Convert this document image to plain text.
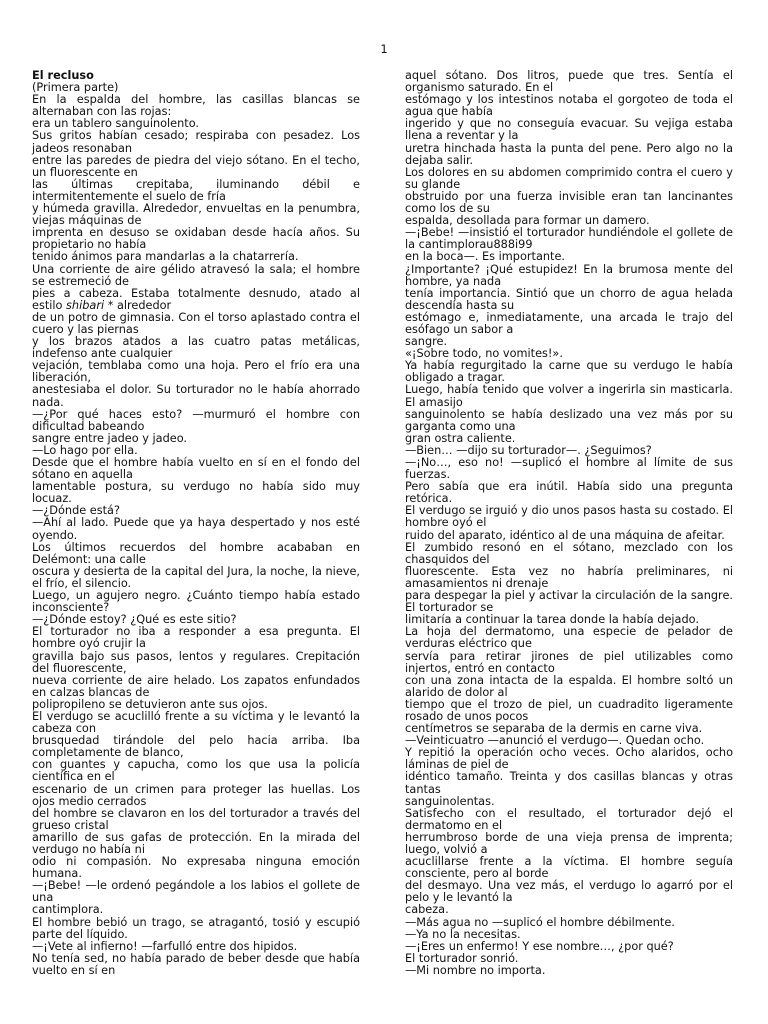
1
El recluso
(Primera parte)
En la espalda del hombre, las casillas blancas se alternaban con las rojas:
era un tablero sanguinolento.
Sus gritos habían cesado; respiraba con pesadez. Los jadeos resonaban
entre las paredes de piedra del viejo sótano. En el techo, un fluorescente en
las últimas crepitaba, iluminando débil e intermitentemente el suelo de fría
y húmeda gravilla. Alrededor, envueltas en la penumbra, viejas máquinas de
imprenta en desuso se oxidaban desde hacía años. Su propietario no había
tenido ánimos para mandarlas a la chatarrería.
Una corriente de aire gélido atravesó la sala; el hombre se estremeció de
pies a cabeza. Estaba totalmente desnudo, atado al estilo shibari * alrededor
de un potro de gimnasia. Con el torso aplastado contra el cuero y las piernas
y los brazos atados a las cuatro patas metálicas, indefenso ante cualquier
vejación, temblaba como una hoja. Pero el frío era una liberación,
anestesiaba el dolor. Su torturador no le había ahorrado nada.
—¿Por qué haces esto? —murmuró el hombre con dificultad babeando
sangre entre jadeo y jadeo.
—Lo hago por ella.
Desde que el hombre había vuelto en sí en el fondo del sótano en aquella
lamentable postura, su verdugo no había sido muy locuaz.
—¿Dónde está?
—Ahí al lado. Puede que ya haya despertado y nos esté oyendo.
Los últimos recuerdos del hombre acababan en Delémont: una calle
oscura y desierta de la capital del Jura, la noche, la nieve, el frío, el silencio.
Luego, un agujero negro. ¿Cuánto tiempo había estado inconsciente?
—¿Dónde estoy? ¿Qué es este sitio?
El torturador no iba a responder a esa pregunta. El hombre oyó crujir la
gravilla bajo sus pasos, lentos y regulares. Crepitación del fluorescente,
nueva corriente de aire helado. Los zapatos enfundados en calzas blancas de
polipropileno se detuvieron ante sus ojos.
El verdugo se acuclilló frente a su víctima y le levantó la cabeza con
brusquedad tirándole del pelo hacia arriba. Iba completamente de blanco,
con guantes y capucha, como los que usa la policía científica en el
escenario de un crimen para proteger las huellas. Los ojos medio cerrados
del hombre se clavaron en los del torturador a través del grueso cristal
amarillo de sus gafas de protección. En la mirada del verdugo no había ni
odio ni compasión. No expresaba ninguna emoción humana.
—¡Bebe! —le ordenó pegándole a los labios el gollete de una
cantimplora.
El hombre bebió un trago, se atragantó, tosió y escupió parte del líquido.
—¡Vete al infierno! —farfulló entre dos hipidos.
No tenía sed, no había parado de beber desde que había vuelto en sí en
aquel sótano. Dos litros, puede que tres. Sentía el organismo saturado. En el
estómago y los intestinos notaba el gorgoteo de toda el agua que había
ingerido y que no conseguía evacuar. Su vejiga estaba llena a reventar y la
uretra hinchada hasta la punta del pene. Pero algo no la dejaba salir.
Los dolores en su abdomen comprimido contra el cuero y su glande
obstruido por una fuerza invisible eran tan lancinantes como los de su
espalda, desollada para formar un damero.
—¡Bebe! —insistió el torturador hundiéndole el gollete de la cantimplorau888i99
en la boca—. Es importante.
¿Importante? ¡Qué estupidez! En la brumosa mente del hombre, ya nada
tenía importancia. Sintió que un chorro de agua helada descendía hasta su
estómago e, inmediatamente, una arcada le trajo del esófago un sabor a
sangre.
«¡Sobre todo, no vomites!».
Ya había regurgitado la carne que su verdugo le había obligado a tragar.
Luego, había tenido que volver a ingerirla sin masticarla. El amasijo
sanguinolento se había deslizado una vez más por su garganta como una
gran ostra caliente.
—Bien… —dijo su torturador—. ¿Seguimos?
—¡No…, eso no! —suplicó el hombre al límite de sus fuerzas.
Pero sabía que era inútil. Había sido una pregunta retórica.
El verdugo se irguió y dio unos pasos hasta su costado. El hombre oyó el
ruido del aparato, idéntico al de una máquina de afeitar.
El zumbido resonó en el sótano, mezclado con los chasquidos del
fluorescente. Esta vez no habría preliminares, ni amasamientos ni drenaje
para despegar la piel y activar la circulación de la sangre. El torturador se
limitaría a continuar la tarea donde la había dejado.
La hoja del dermatomo, una especie de pelador de verduras eléctrico que
servía para retirar jirones de piel utilizables como injertos, entró en contacto
con una zona intacta de la espalda. El hombre soltó un alarido de dolor al
tiempo que el trozo de piel, un cuadradito ligeramente rosado de unos pocos
centímetros se separaba de la dermis en carne viva.
—Veinticuatro —anunció el verdugo—. Quedan ocho.
Y repitió la operación ocho veces. Ocho alaridos, ocho láminas de piel de
idéntico tamaño. Treinta y dos casillas blancas y otras tantas
sanguinolentas.
Satisfecho con el resultado, el torturador dejó el dermatomo en el
herrumbroso borde de una vieja prensa de imprenta; luego, volvió a
acuclillarse frente a la víctima. El hombre seguía consciente, pero al borde
del desmayo. Una vez más, el verdugo lo agarró por el pelo y le levantó la
cabeza.
—Más agua no —suplicó el hombre débilmente.
—Ya no la necesitas.
—¡Eres un enfermo! Y ese nombre…, ¿por qué?
El torturador sonrió.
—Mi nombre no importa.
